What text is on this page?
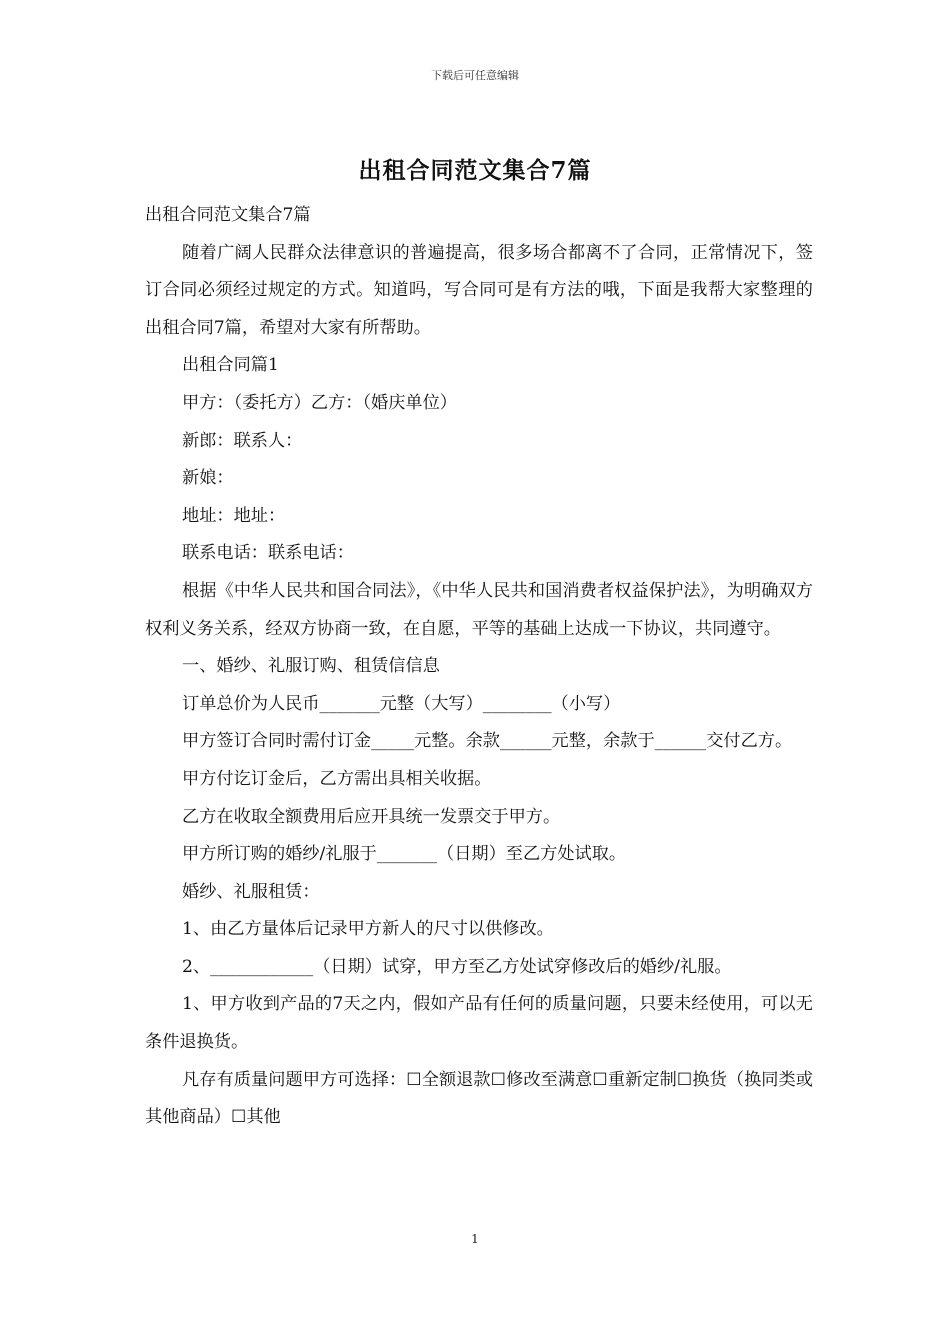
下载后可任意编辑
出租合同范文集合7篇

出租合同范文集合7篇

随着广阔人民群众法律意识的普遍提高，很多场合都离不了合同，正常情况下，签订合同必须经过规定的方式。知道吗，写合同可是有方法的哦，下面是我帮大家整理的出租合同7篇，希望对大家有所帮助。

出租合同篇1

甲方：（委托方）乙方：（婚庆单位）

新郎：联系人：

新娘：

地址：地址：

联系电话：联系电话：

根据《中华人民共和国合同法》，《中华人民共和国消费者权益保护法》，为明确双方权利义务关系，经双方协商一致，在自愿，平等的基础上达成一下协议，共同遵守。

一、婚纱、礼服订购、租赁信信息

订单总价为人民币_______元整（大写）________（小写）

甲方签订合同时需付订金_____元整。余款______元整，余款于______交付乙方。

甲方付讫订金后，乙方需出具相关收据。

乙方在收取全额费用后应开具统一发票交于甲方。

甲方所订购的婚纱/礼服于_______（日期）至乙方处试取。

婚纱、礼服租赁：

1、由乙方量体后记录甲方新人的尺寸以供修改。

2、____________（日期）试穿，甲方至乙方处试穿修改后的婚纱/礼服。

1、甲方收到产品的7天之内，假如产品有任何的质量问题，只要未经使用，可以无条件退换货。

凡存有质量问题甲方可选择：☐全额退款☐修改至满意☐重新定制☐换货（换同类或其他商品）☐其他

1
